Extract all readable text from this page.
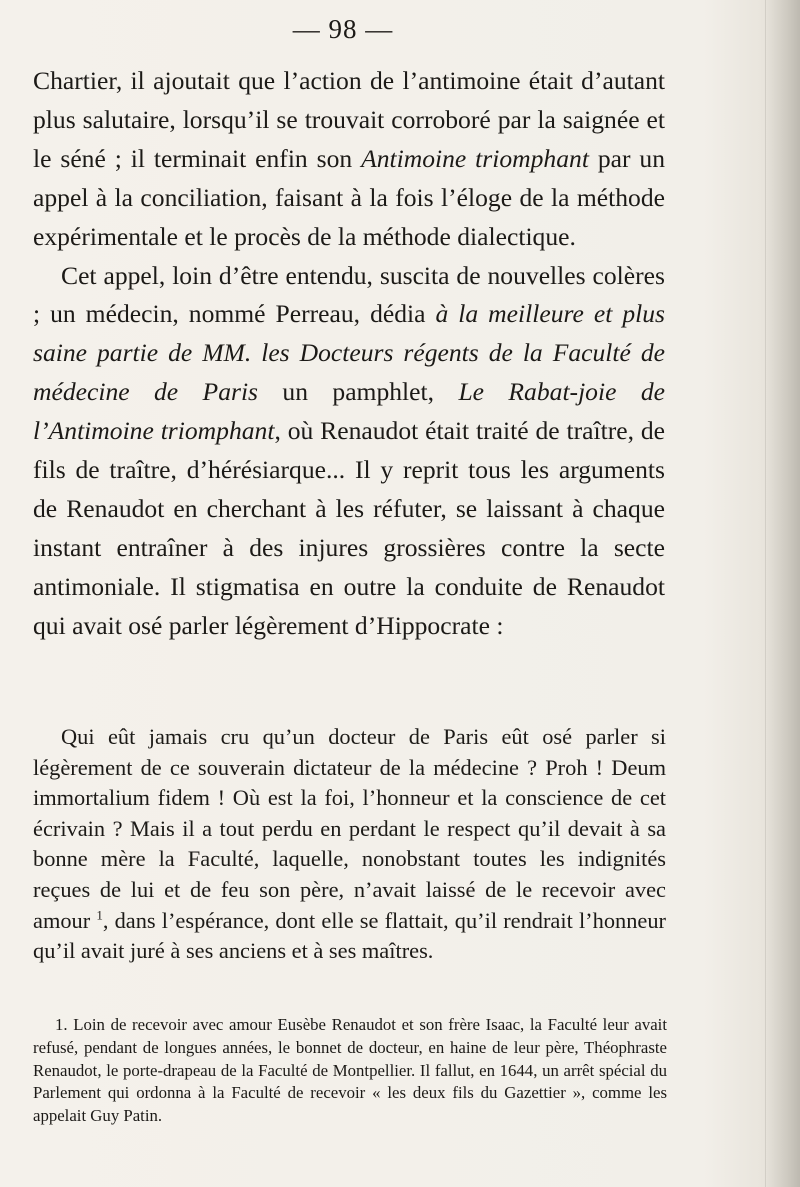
— 98 —

Chartier, il ajoutait que l’action de l’antimoine était d’autant plus salutaire, lorsqu’il se trouvait corroboré par la saignée et le séné ; il terminait enfin son Antimoine triomphant par un appel à la conciliation, faisant à la fois l’éloge de la méthode expérimentale et le procès de la méthode dialectique.

Cet appel, loin d’être entendu, suscita de nouvelles colères ; un médecin, nommé Perreau, dédia à la meilleure et plus saine partie de MM. les Docteurs régents de la Faculté de médecine de Paris un pamphlet, Le Rabat-joie de l’Antimoine triomphant, où Renaudot était traité de traître, de fils de traître, d’hérésiarque... Il y reprit tous les arguments de Renaudot en cherchant à les réfuter, se laissant à chaque instant entraîner à des injures grossières contre la secte antimoniale. Il stigmatisa en outre la conduite de Renaudot qui avait osé parler légèrement d’Hippocrate :

Qui eût jamais cru qu’un docteur de Paris eût osé parler si légèrement de ce souverain dictateur de la médecine ? Proh ! Deum immortalium fidem ! Où est la foi, l’honneur et la conscience de cet écrivain ? Mais il a tout perdu en perdant le respect qu’il devait à sa bonne mère la Faculté, laquelle, nonobstant toutes les indignités reçues de lui et de feu son père, n’avait laissé de le recevoir avec amour $^1$, dans l’espérance, dont elle se flattait, qu’il rendrait l’honneur qu’il avait juré à ses anciens et à ses maîtres.

1. Loin de recevoir avec amour Eusèbe Renaudot et son frère Isaac, la Faculté leur avait refusé, pendant de longues années, le bonnet de docteur, en haine de leur père, Théophraste Renaudot, le porte-drapeau de la Faculté de Montpellier. Il fallut, en 1644, un arrêt spécial du Parlement qui ordonna à la Faculté de recevoir « les deux fils du Gazettier », comme les appelait Guy Patin.
